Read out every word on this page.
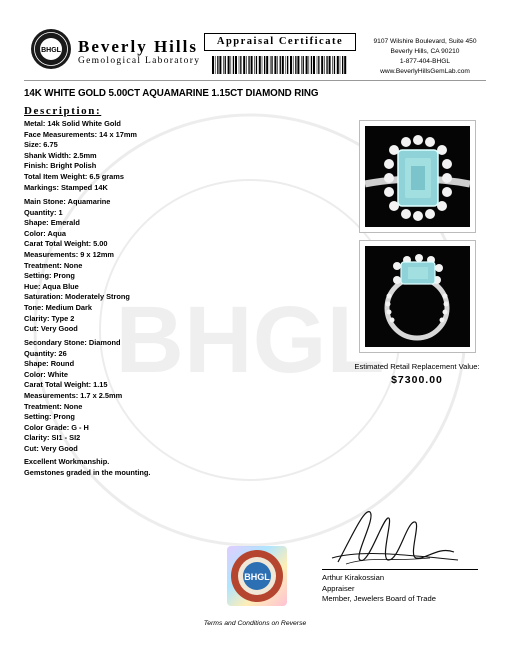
BHGL
BHGL Beverly Hills
Gemological Laboratory
Appraisal Certificate	9107 Wilshire Boulevard, Suite 450
Beverly Hills, CA 90210
1-877-404-BHGL
www.BeverlyHillsGemLab.com
14K WHITE GOLD 5.00CT AQUAMARINE 1.15CT DIAMOND RING
Description:
Metal: 14k Solid White Gold
Face Measurements: 14 x 17mm
Size: 6.75
Shank Width: 2.5mm
Finish: Bright Polish
Total Item Weight: 6.5 grams
Markings: Stamped 14K
Main Stone: Aquamarine
Quantity: 1
Shape: Emerald
Color: Aqua
Carat Total Weight: 5.00
Measurements: 9 x 12mm
Treatment: None
Setting: Prong
Hue: Aqua Blue
Saturation: Moderately Strong
Tone: Medium Dark
Clarity: Type 2
Cut: Very Good
Secondary Stone: Diamond
Quantity: 26
Shape: Round
Color: White
Carat Total Weight: 1.15
Measurements: 1.7 x 2.5mm
Treatment: None
Setting: Prong
Color Grade: G - H
Clarity: SI1 - SI2
Cut: Very Good
Excellent Workmanship.
Gemstones graded in the mounting.
Estimated Retail Replacement Value:
$7300.00
BHGL	Arthur Kirakossian
Appraiser
Member, Jewelers Board of Trade
Terms and Conditions on Reverse
